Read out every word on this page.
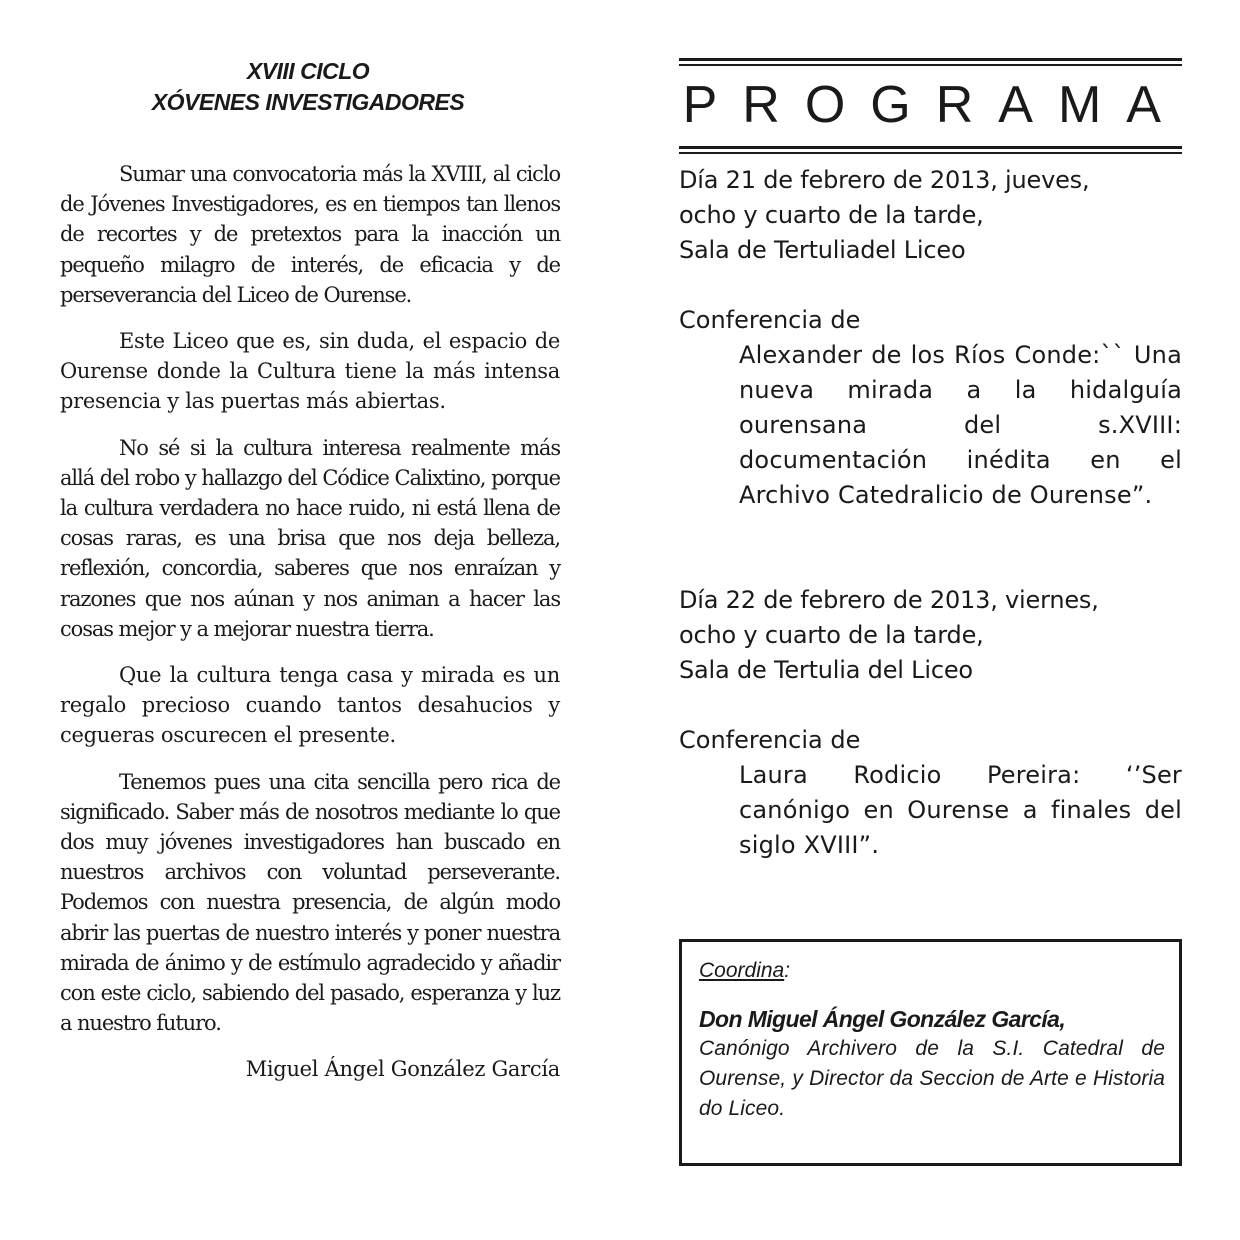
XVIII CICLO
XÓVENES INVESTIGADORES

Sumar una convocatoria más la XVIII, al ciclo de Jóvenes Investigadores, es en tiempos tan llenos de recortes y de pretextos para la inacción un pequeño milagro de interés, de eficacia y de perseverancia del Liceo de Ourense.

Este Liceo que es, sin duda, el espacio de Ourense donde la Cultura tiene la más intensa presencia y las puertas más abiertas.

No sé si la cultura interesa realmente más allá del robo y hallazgo del Códice Calixtino, porque la cultura verdadera no hace ruido, ni está llena de cosas raras, es una brisa que nos deja belleza, reflexión, concordia, saberes que nos enraízan y razones que nos aúnan y nos animan a hacer las cosas mejor y a mejorar nuestra tierra.

Que la cultura tenga casa y mirada es un regalo precioso cuando tantos desahucios y cegueras oscurecen el presente.

Tenemos pues una cita sencilla pero rica de significado. Saber más de nosotros mediante lo que dos muy jóvenes investigadores han buscado en nuestros archivos con voluntad perseverante. Podemos con nuestra presencia, de algún modo abrir las puertas de nuestro interés y poner nuestra mirada de ánimo y de estímulo agradecido y añadir con este ciclo, sabiendo del pasado, esperanza y luz a nuestro futuro.

Miguel Ángel González García
PROGRAMA
Día 21 de febrero de 2013, jueves,
ocho y cuarto de la tarde,
Sala de Tertuliadel Liceo
Conferencia de
Alexander de los Ríos Conde:`` Una nueva mirada a la hidalguía ourensana del s.XVIII: documentación inédita en el Archivo Catedralicio de Ourense”.
Día 22 de febrero de 2013, viernes,
ocho y cuarto de la tarde,
Sala de Tertulia del Liceo
Conferencia de
Laura Rodicio Pereira: ‘’Ser canónigo en Ourense a finales del siglo XVIII”.
Coordina:
Don Miguel Ángel González García,
Canónigo Archivero de la S.I. Catedral de Ourense, y Director da Seccion de Arte e Historia do Liceo.
